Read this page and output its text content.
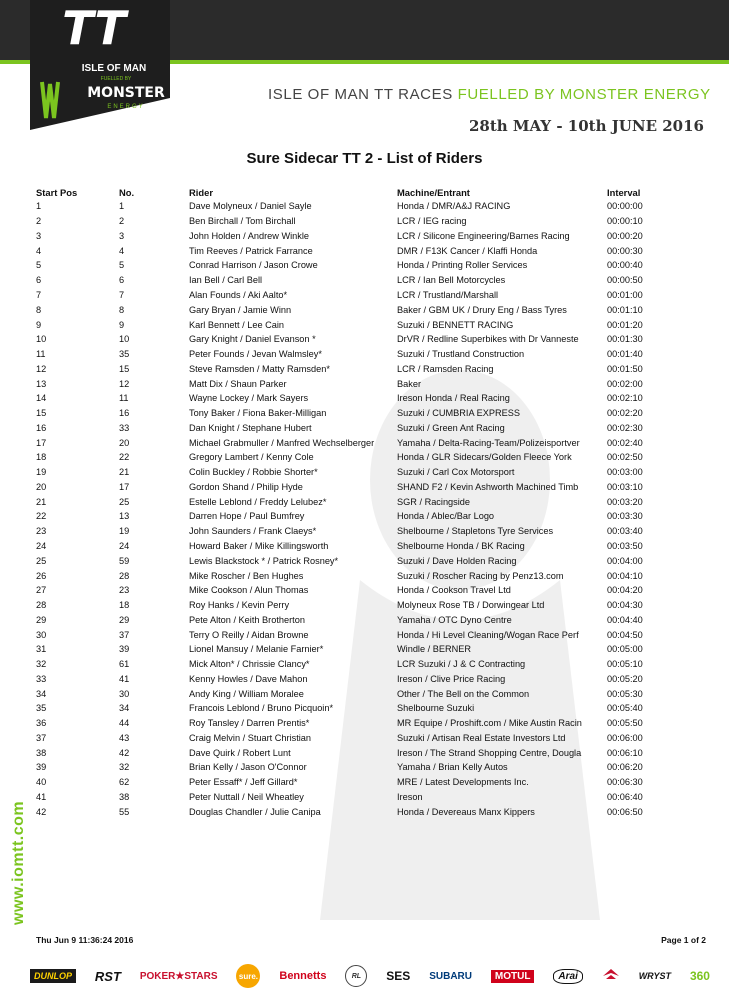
TT
ISLE OF MAN
FUELLED BY
MONSTER
ENERGY
ISLE OF MAN TT RACES FUELLED BY MONSTER ENERGY
28th MAY - 10th JUNE 2016
Sure Sidecar TT 2 - List of Riders
Start Pos	No.	Rider	Machine/Entrant	Interval
1	1	Dave Molyneux / Daniel Sayle	Honda / DMR/A&J RACING	00:00:00
2	2	Ben Birchall / Tom Birchall	LCR / IEG racing	00:00:10
3	3	John Holden / Andrew Winkle	LCR / Silicone Engineering/Barnes Racing	00:00:20
4	4	Tim Reeves / Patrick Farrance	DMR / F13K Cancer / Klaffi Honda	00:00:30
5	5	Conrad Harrison / Jason Crowe	Honda / Printing Roller Services	00:00:40
6	6	Ian Bell / Carl Bell	LCR / Ian Bell Motorcycles	00:00:50
7	7	Alan Founds / Aki Aalto*	LCR / Trustland/Marshall	00:01:00
8	8	Gary Bryan / Jamie Winn	Baker / GBM UK / Drury Eng / Bass Tyres	00:01:10
9	9	Karl Bennett / Lee Cain	Suzuki / BENNETT RACING	00:01:20
10	10	Gary Knight / Daniel Evanson *	DrVR / Redline Superbikes with Dr Vanneste	00:01:30
11	35	Peter Founds / Jevan Walmsley*	Suzuki / Trustland Construction	00:01:40
12	15	Steve Ramsden / Matty Ramsden*	LCR / Ramsden Racing	00:01:50
13	12	Matt Dix / Shaun Parker	Baker	00:02:00
14	11	Wayne Lockey / Mark Sayers	Ireson Honda / Real Racing	00:02:10
15	16	Tony Baker / Fiona Baker-Milligan	Suzuki / CUMBRIA EXPRESS	00:02:20
16	33	Dan Knight / Stephane Hubert	Suzuki / Green Ant Racing	00:02:30
17	20	Michael Grabmuller / Manfred Wechselberger	Yamaha / Delta-Racing-Team/Polizeisportver	00:02:40
18	22	Gregory Lambert / Kenny Cole	Honda / GLR Sidecars/Golden Fleece York	00:02:50
19	21	Colin Buckley / Robbie Shorter*	Suzuki / Carl Cox Motorsport	00:03:00
20	17	Gordon Shand / Philip Hyde	SHAND F2 / Kevin Ashworth Machined Timb	00:03:10
21	25	Estelle Leblond / Freddy Lelubez*	SGR / Racingside	00:03:20
22	13	Darren Hope / Paul Bumfrey	Honda / Ablec/Bar Logo	00:03:30
23	19	John Saunders / Frank Claeys*	Shelbourne / Stapletons Tyre Services	00:03:40
24	24	Howard Baker / Mike Killingsworth	Shelbourne Honda / BK Racing	00:03:50
25	59	Lewis Blackstock * / Patrick Rosney*	Suzuki / Dave Holden Racing	00:04:00
26	28	Mike Roscher / Ben Hughes	Suzuki / Roscher Racing by Penz13.com	00:04:10
27	23	Mike Cookson / Alun Thomas	Honda / Cookson Travel Ltd	00:04:20
28	18	Roy Hanks / Kevin Perry	Molyneux Rose TB / Dorwingear Ltd	00:04:30
29	29	Pete Alton / Keith Brotherton	Yamaha / OTC Dyno Centre	00:04:40
30	37	Terry O Reilly / Aidan Browne	Honda / Hi Level Cleaning/Wogan Race Perf	00:04:50
31	39	Lionel Mansuy / Melanie Farnier*	Windle / BERNER	00:05:00
32	61	Mick Alton* / Chrissie Clancy*	LCR Suzuki / J & C Contracting	00:05:10
33	41	Kenny Howles / Dave Mahon	Ireson / Clive Price Racing	00:05:20
34	30	Andy King / William Moralee	Other / The Bell on the Common	00:05:30
35	34	Francois Leblond / Bruno Picquoin*	Shelbourne Suzuki	00:05:40
36	44	Roy Tansley / Darren Prentis*	MR Equipe / Proshift.com / Mike Austin Racin	00:05:50
37	43	Craig Melvin / Stuart Christian	Suzuki / Artisan Real Estate Investors Ltd	00:06:00
38	42	Dave Quirk / Robert Lunt	Ireson / The Strand Shopping Centre, Dougla	00:06:10
39	32	Brian Kelly / Jason O'Connor	Yamaha / Brian Kelly Autos	00:06:20
40	62	Peter Essaff* / Jeff Gillard*	MRE / Latest Developments Inc.	00:06:30
41	38	Peter Nuttall / Neil Wheatley	Ireson	00:06:40
42	55	Douglas Chandler / Julie Canipa	Honda / Devereaus Manx Kippers	00:06:50
www.iomtt.com
Thu Jun 9 11:36:24 2016	Page 1 of 2
DUNLOP	RST POKER★STARS	sure. Bennetts	RL	SES SUBARU	MOTUL	Arai	WRYST 360
